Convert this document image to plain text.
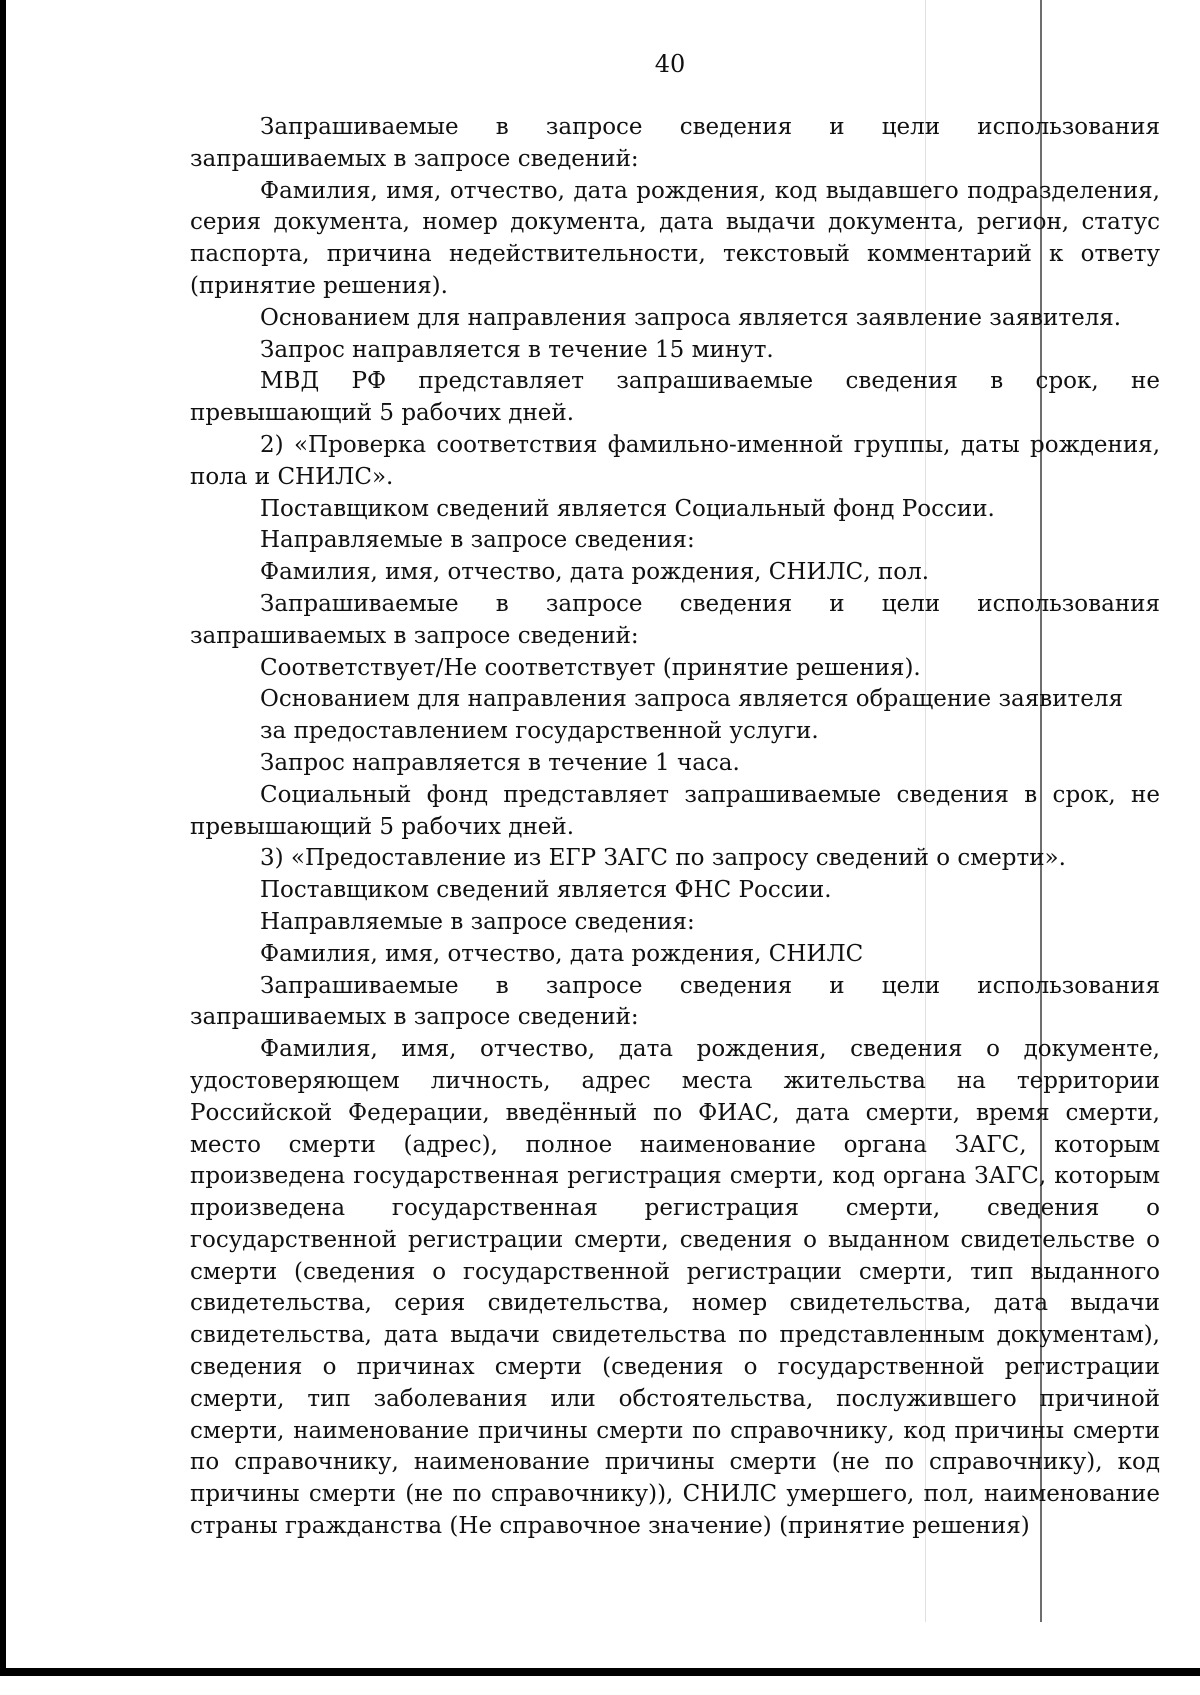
40

Запрашиваемые в запросе сведения и цели использования запрашиваемых в запросе сведений:

Фамилия, имя, отчество, дата рождения, код выдавшего подразделения, серия документа, номер документа, дата выдачи документа, регион, статус паспорта, причина недействительности, текстовый комментарий к ответу (принятие решения).

Основанием для направления запроса является заявление заявителя.

Запрос направляется в течение 15 минут.

МВД РФ представляет запрашиваемые сведения в срок, не превышающий 5 рабочих дней.

2) «Проверка соответствия фамильно-именной группы, даты рождения, пола и СНИЛС».

Поставщиком сведений является Социальный фонд России.

Направляемые в запросе сведения:

Фамилия, имя, отчество, дата рождения, СНИЛС, пол.

Запрашиваемые в запросе сведения и цели использования запрашиваемых в запросе сведений:

Соответствует/Не соответствует (принятие решения).

Основанием для направления запроса является обращение заявителя

за предоставлением государственной услуги.

Запрос направляется в течение 1 часа.

Социальный фонд представляет запрашиваемые сведения в срок, не превышающий 5 рабочих дней.

3) «Предоставление из ЕГР ЗАГС по запросу сведений о смерти».

Поставщиком сведений является ФНС России.

Направляемые в запросе сведения:

Фамилия, имя, отчество, дата рождения, СНИЛС

Запрашиваемые в запросе сведения и цели использования запрашиваемых в запросе сведений:

Фамилия, имя, отчество, дата рождения, сведения о документе, удостоверяющем личность, адрес места жительства на территории Российской Федерации, введённый по ФИАС, дата смерти, время смерти, место смерти (адрес), полное наименование органа ЗАГС, которым произведена государственная регистрация смерти, код органа ЗАГС, которым произведена государственная регистрация смерти, сведения о государственной регистрации смерти, сведения о выданном свидетельстве о смерти (сведения о государственной регистрации смерти, тип выданного свидетельства, серия свидетельства, номер свидетельства, дата выдачи свидетельства, дата выдачи свидетельства по представленным документам), сведения о причинах смерти (сведения о государственной регистрации смерти, тип заболевания или обстоятельства, послужившего причиной смерти, наименование причины смерти по справочнику, код причины смерти по справочнику, наименование причины смерти (не по справочнику), код причины смерти (не по справочнику)), СНИЛС умершего, пол, наименование страны гражданства (Не справочное значение) (принятие решения)
